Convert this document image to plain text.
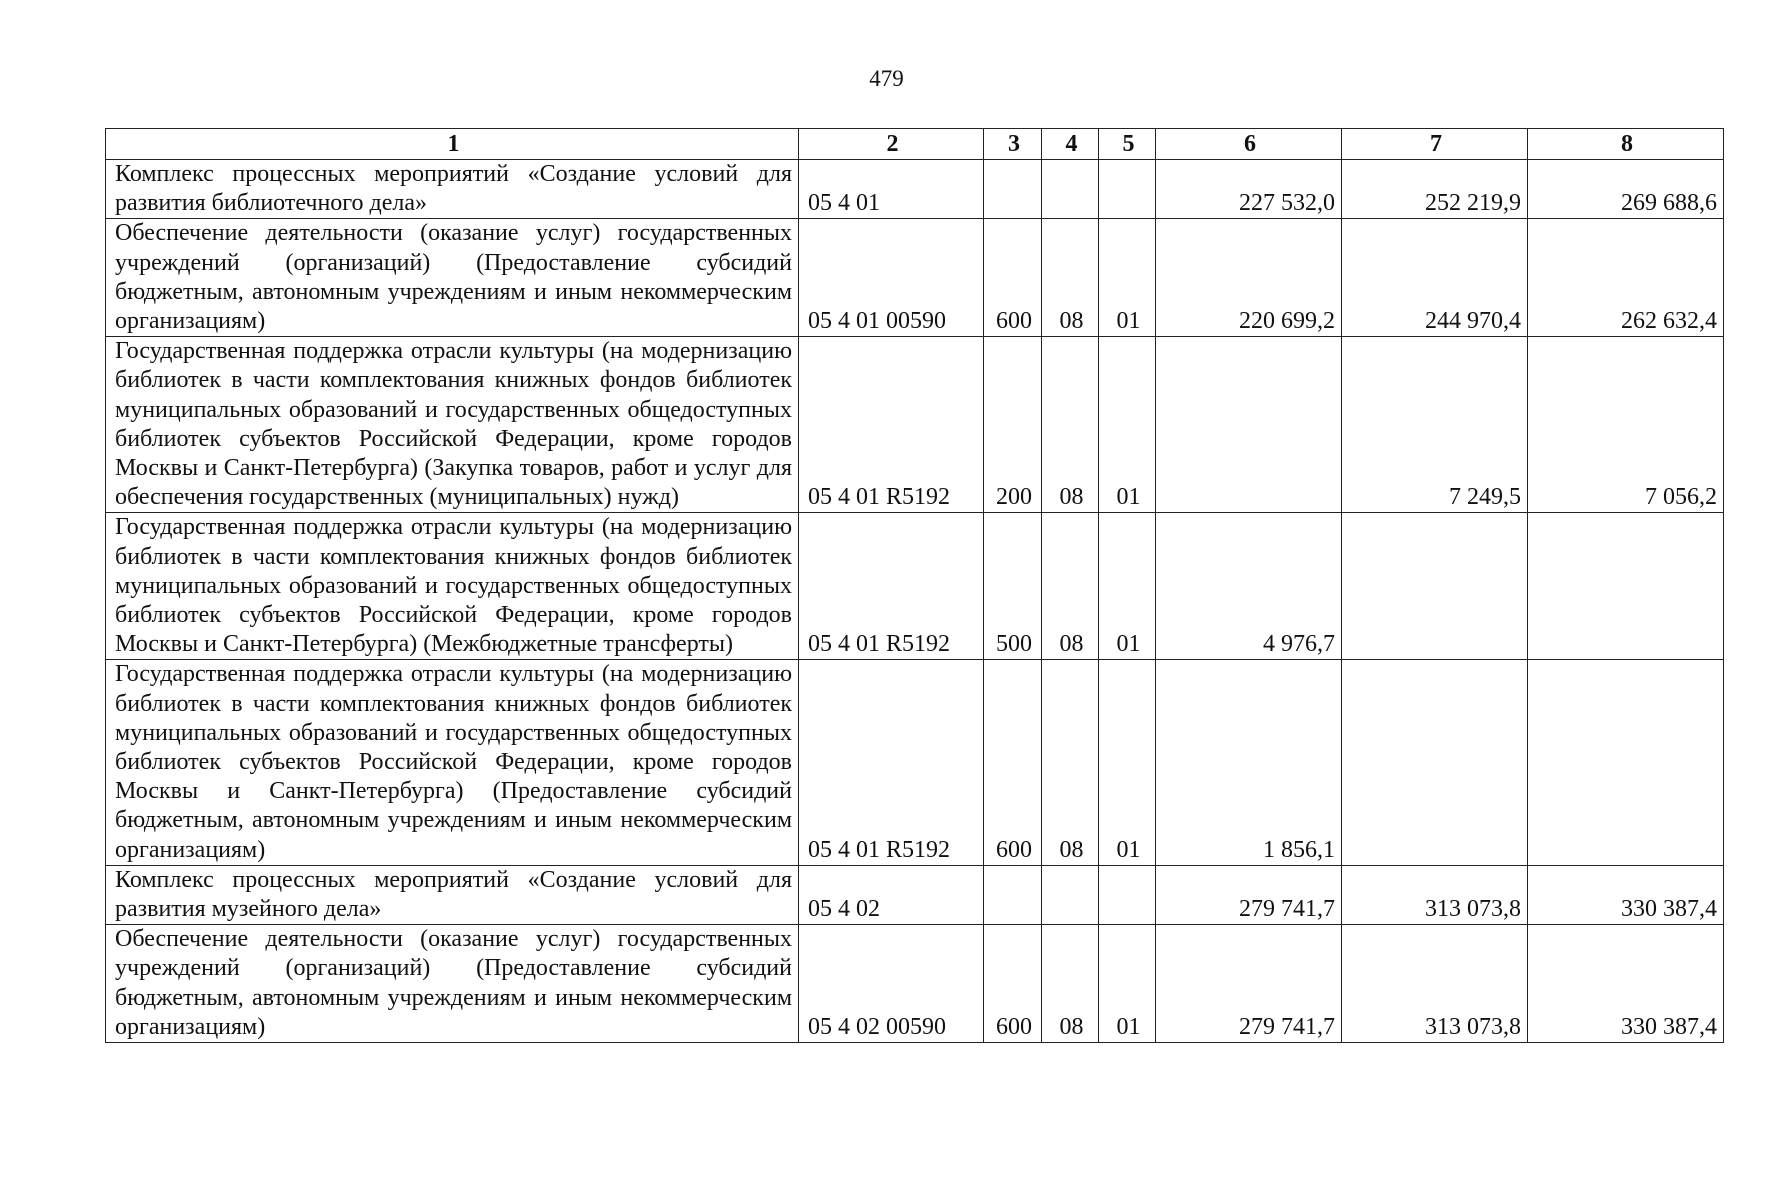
479
1	2	3	4	5	6	7	8
Комплекс процессных мероприятий «Создание условий для развития библиотечного дела»	05 4 01				227 532,0	252 219,9	269 688,6
Обеспечение деятельности (оказание услуг) государственных учреждений (организаций) (Предоставление субсидий бюджетным, автономным учреждениям и иным некоммерческим организациям)	05 4 01 00590	600	08	01	220 699,2	244 970,4	262 632,4
Государственная поддержка отрасли культуры (на модернизацию библиотек в части комплектования книжных фондов библиотек муниципальных образований и государственных общедоступных библиотек субъектов Российской Федерации, кроме городов Москвы и Санкт-Петербурга) (Закупка товаров, работ и услуг для обеспечения государственных (муниципальных) нужд)	05 4 01 R5192	200	08	01		7 249,5	7 056,2
Государственная поддержка отрасли культуры (на модернизацию библиотек в части комплектования книжных фондов библиотек муниципальных образований и государственных общедоступных библиотек субъектов Российской Федерации, кроме городов Москвы и Санкт-Петербурга) (Межбюджетные трансферты)	05 4 01 R5192	500	08	01	4 976,7		
Государственная поддержка отрасли культуры (на модернизацию библиотек в части комплектования книжных фондов библиотек муниципальных образований и государственных общедоступных библиотек субъектов Российской Федерации, кроме городов Москвы и Санкт-Петербурга) (Предоставление субсидий бюджетным, автономным учреждениям и иным некоммерческим организациям)	05 4 01 R5192	600	08	01	1 856,1		
Комплекс процессных мероприятий «Создание условий для развития музейного дела»	05 4 02				279 741,7	313 073,8	330 387,4
Обеспечение деятельности (оказание услуг) государственных учреждений (организаций) (Предоставление субсидий бюджетным, автономным учреждениям и иным некоммерческим организациям)	05 4 02 00590	600	08	01	279 741,7	313 073,8	330 387,4
